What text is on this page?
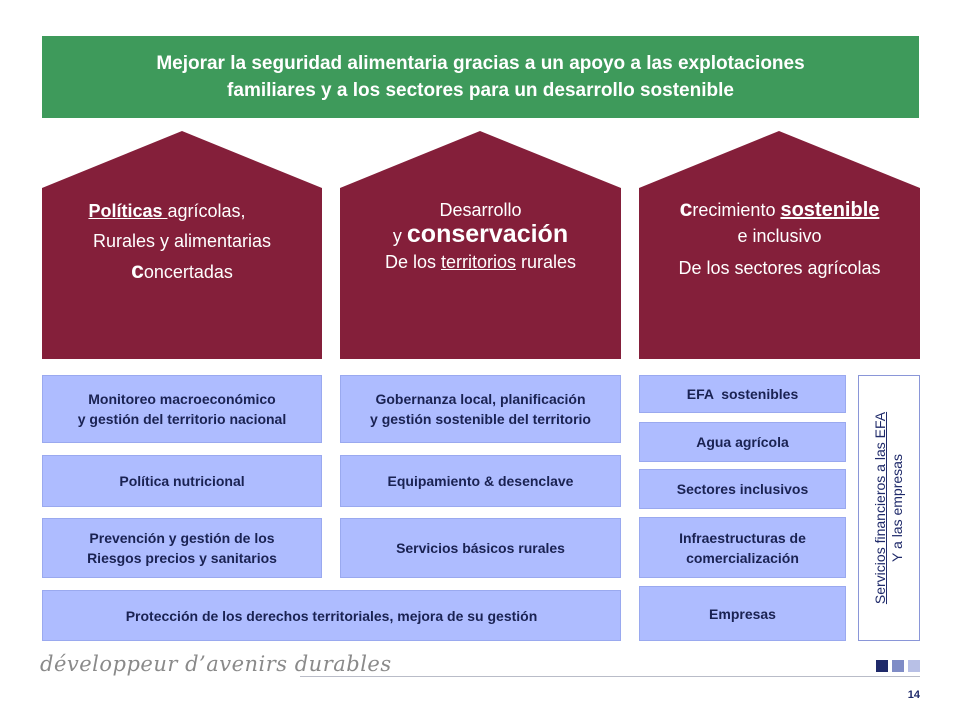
Mejorar la seguridad alimentaria gracias a un apoyo a las explotaciones
familiares y a los sectores para un desarrollo sostenible
Políticas agrícolas,
Rurales y alimentarias
concertadas
Desarrollo
y conservación
De los territorios rurales
crecimiento sostenible
e inclusivo
De los sectores agrícolas
Monitoreo macroeconómico
y gestión del territorio nacional
Política nutricional
Prevención y gestión de los
Riesgos precios y sanitarios
Gobernanza local, planificación
y gestión sostenible del territorio
Equipamiento & desenclave
Servicios básicos rurales
Protección de los derechos territoriales, mejora de su gestión
EFA  sostenibles
Agua agrícola
Sectores inclusivos
Infraestructuras de
comercialización
Empresas
Servicios financieros a las EFA Y a las empresas
développeur d’avenirs durables
14
